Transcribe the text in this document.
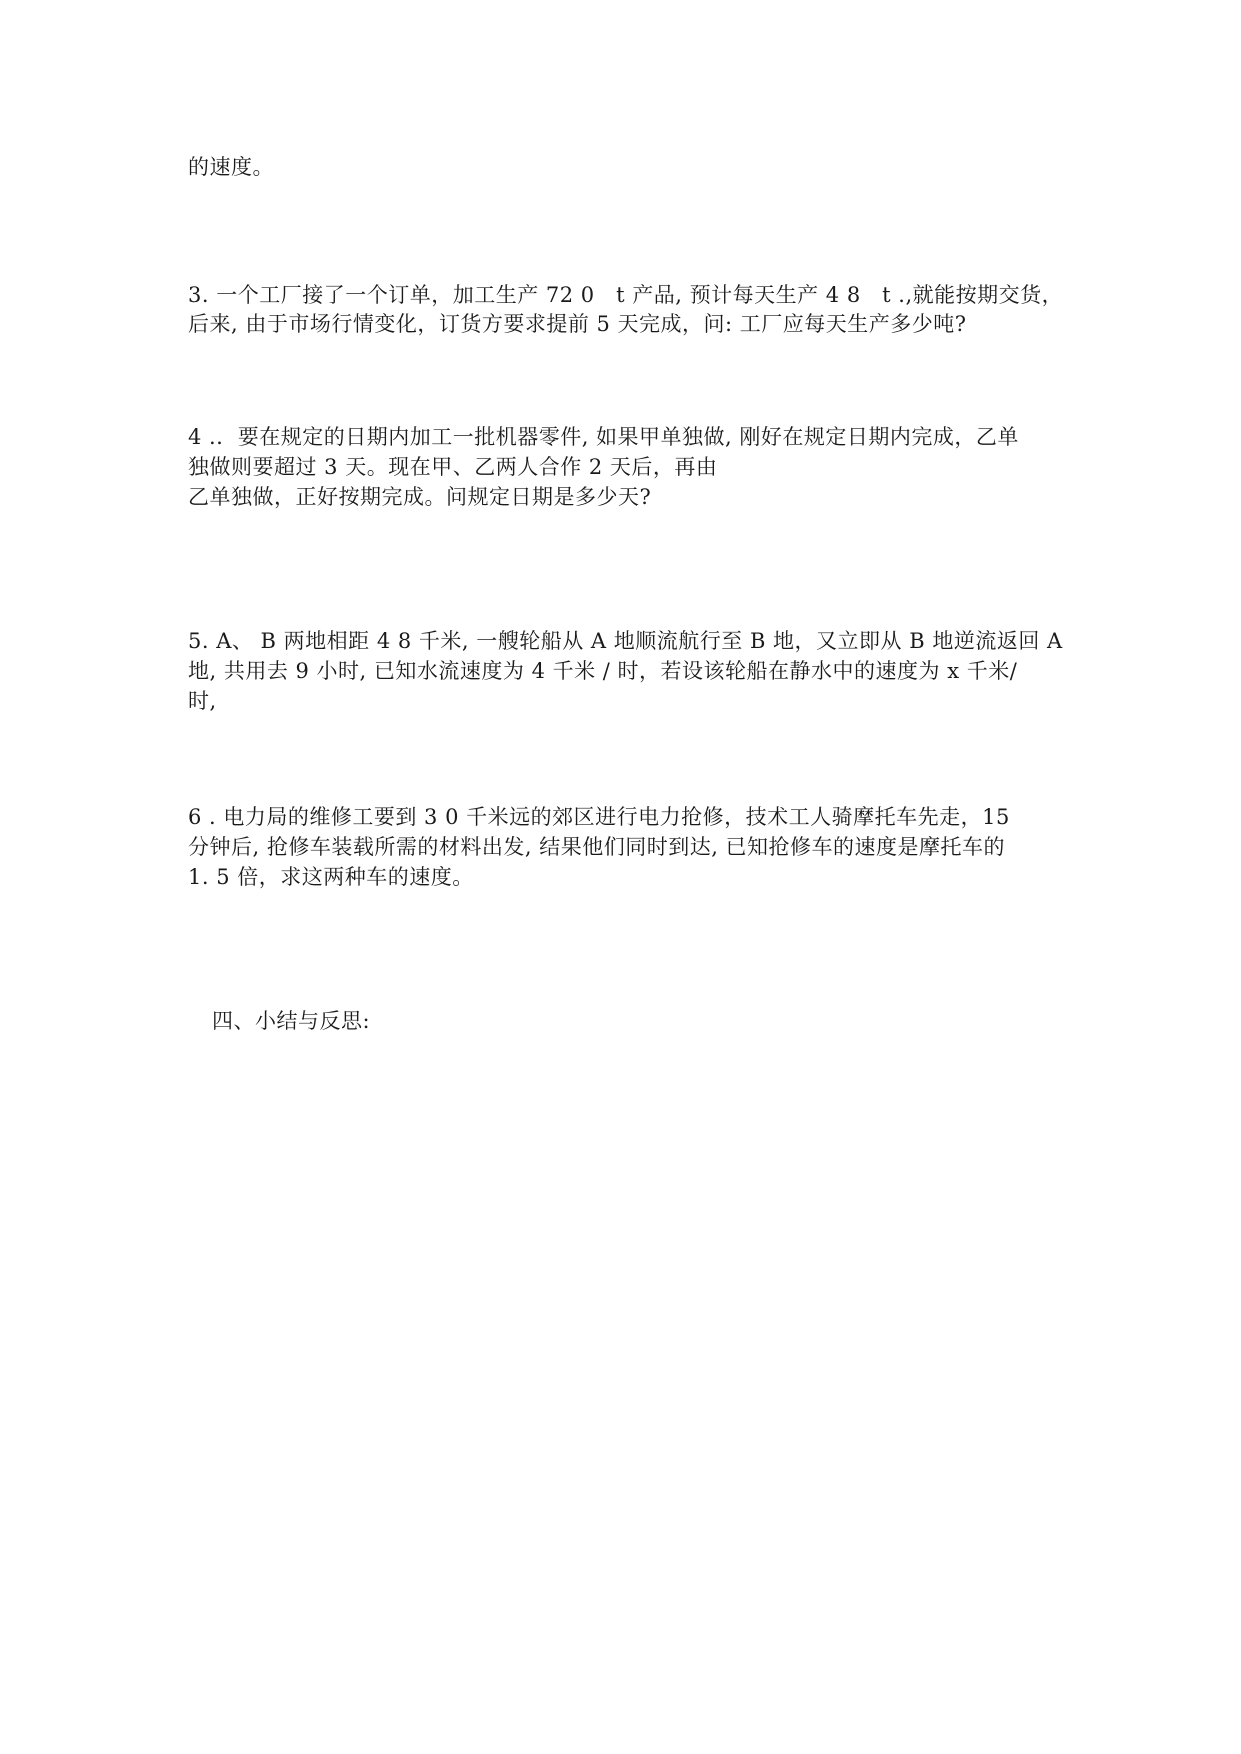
的速度。
3. 一个工厂接了一个订单，加工生产 72 0　t 产品, 预计每天生产 4 8　t .,就能按期交货，
后来, 由于市场行情变化，订货方要求提前 5 天完成，问: 工厂应每天生产多少吨?
4 .．要在规定的日期内加工一批机器零件, 如果甲单独做, 刚好在规定日期内完成，乙单
独做则要超过 3 天。现在甲、乙两人合作 2 天后，再由
乙单独做，正好按期完成。问规定日期是多少天?
5. A、 B 两地相距 4 8 千米, 一艘轮船从 A 地顺流航行至 B 地，又立即从 B 地逆流返回 A
地, 共用去 9 小时, 已知水流速度为 4 千米 / 时，若设该轮船在静水中的速度为 x 千米/
时,
6 . 电力局的维修工要到 3 0 千米远的郊区进行电力抢修，技术工人骑摩托车先走，15
分钟后, 抢修车装载所需的材料出发, 结果他们同时到达, 已知抢修车的速度是摩托车的
1. 5 倍，求这两种车的速度。
四、小结与反思:
